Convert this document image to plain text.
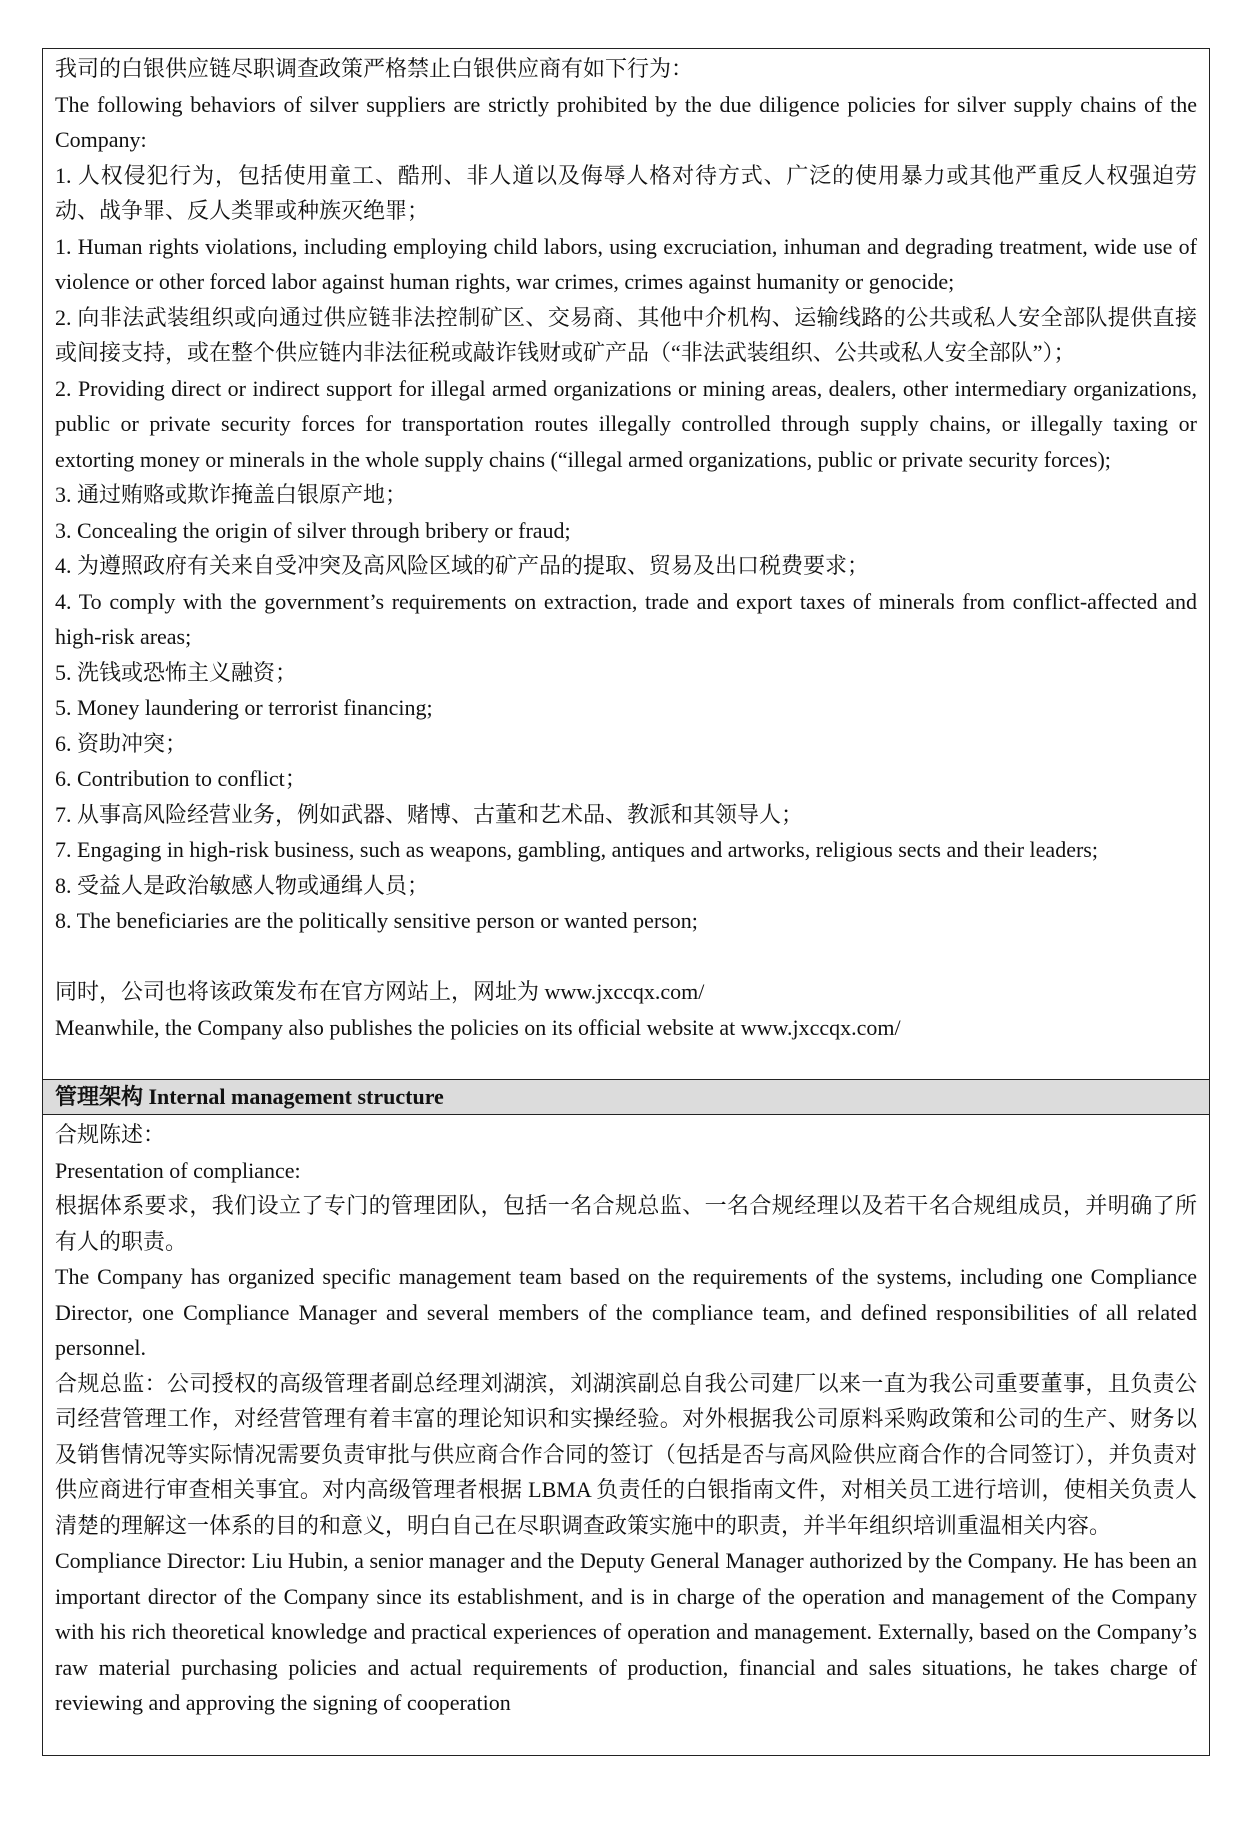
我司的白银供应链尽职调查政策严格禁止白银供应商有如下行为：

The following behaviors of silver suppliers are strictly prohibited by the due diligence policies for silver supply chains of the Company:

1. 人权侵犯行为，包括使用童工、酷刑、非人道以及侮辱人格对待方式、广泛的使用暴力或其他严重反人权强迫劳动、战争罪、反人类罪或种族灭绝罪；

1. Human rights violations, including employing child labors, using excruciation, inhuman and degrading treatment, wide use of violence or other forced labor against human rights, war crimes, crimes against humanity or genocide;

2. 向非法武装组织或向通过供应链非法控制矿区、交易商、其他中介机构、运输线路的公共或私人安全部队提供直接或间接支持，或在整个供应链内非法征税或敲诈钱财或矿产品（“非法武装组织、公共或私人安全部队”）；

2. Providing direct or indirect support for illegal armed organizations or mining areas, dealers, other intermediary organizations, public or private security forces for transportation routes illegally controlled through supply chains, or illegally taxing or extorting money or minerals in the whole supply chains (“illegal armed organizations, public or private security forces);

3. 通过贿赂或欺诈掩盖白银原产地；

3. Concealing the origin of silver through bribery or fraud;

4. 为遵照政府有关来自受冲突及高风险区域的矿产品的提取、贸易及出口税费要求；

4. To comply with the government’s requirements on extraction, trade and export taxes of minerals from conflict-affected and high-risk areas;

5. 洗钱或恐怖主义融资；

5. Money laundering or terrorist financing;

6. 资助冲突；

6. Contribution to conflict；

7. 从事高风险经营业务，例如武器、赌博、古董和艺术品、教派和其领导人；

7. Engaging in high-risk business, such as weapons, gambling, antiques and artworks, religious sects and their leaders;

8. 受益人是政治敏感人物或通缉人员；

8. The beneficiaries are the politically sensitive person or wanted person;

同时，公司也将该政策发布在官方网站上，网址为 www.jxccqx.com/

Meanwhile, the Company also publishes the policies on its official website at www.jxccqx.com/

管理架构 Internal management structure

合规陈述：

Presentation of compliance:

根据体系要求，我们设立了专门的管理团队，包括一名合规总监、一名合规经理以及若干名合规组成员，并明确了所有人的职责。

The Company has organized specific management team based on the requirements of the systems, including one Compliance Director, one Compliance Manager and several members of the compliance team, and defined responsibilities of all related personnel.

合规总监：公司授权的高级管理者副总经理刘湖滨，刘湖滨副总自我公司建厂以来一直为我公司重要董事，且负责公司经营管理工作，对经营管理有着丰富的理论知识和实操经验。对外根据我公司原料采购政策和公司的生产、财务以及销售情况等实际情况需要负责审批与供应商合作合同的签订（包括是否与高风险供应商合作的合同签订），并负责对供应商进行审查相关事宜。对内高级管理者根据 LBMA 负责任的白银指南文件，对相关员工进行培训，使相关负责人清楚的理解这一体系的目的和意义，明白自己在尽职调查政策实施中的职责，并半年组织培训重温相关内容。

Compliance Director: Liu Hubin, a senior manager and the Deputy General Manager authorized by the Company. He has been an important director of the Company since its establishment, and is in charge of the operation and management of the Company with his rich theoretical knowledge and practical experiences of operation and management. Externally, based on the Company’s raw material purchasing policies and actual requirements of production, financial and sales situations, he takes charge of reviewing and approving the signing of cooperation
